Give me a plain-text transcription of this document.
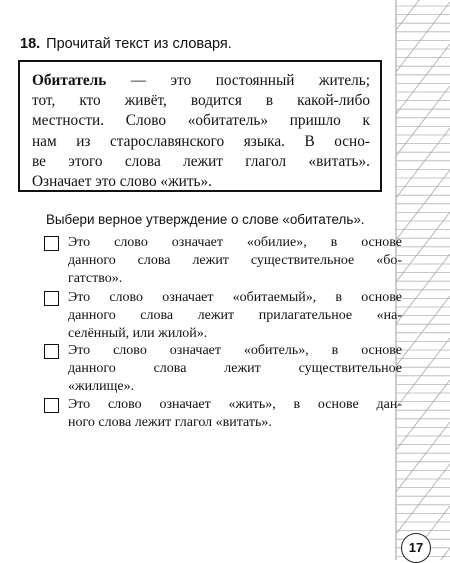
18. Прочитай текст из словаря.
Обитатель — это постоянный житель;
тот, кто живёт, водится в какой-либо
местности. Слово «обитатель» пришло к
нам из старославянского языка. В осно-
ве этого слова лежит глагол «витать».
Означает это слово «жить».
Выбери верное утверждение о слове «обитатель».
Это слово означает «обилие», в основе
данного слова лежит существительное «бо-
гатство».
Это слово означает «обитаемый», в основе
данного слова лежит прилагательное «на-
селённый, или жилой».
Это слово означает «обитель», в основе
данного слова лежит существительное
«жилище».
Это слово означает «жить», в основе дан-
ного слова лежит глагол «витать».
17
